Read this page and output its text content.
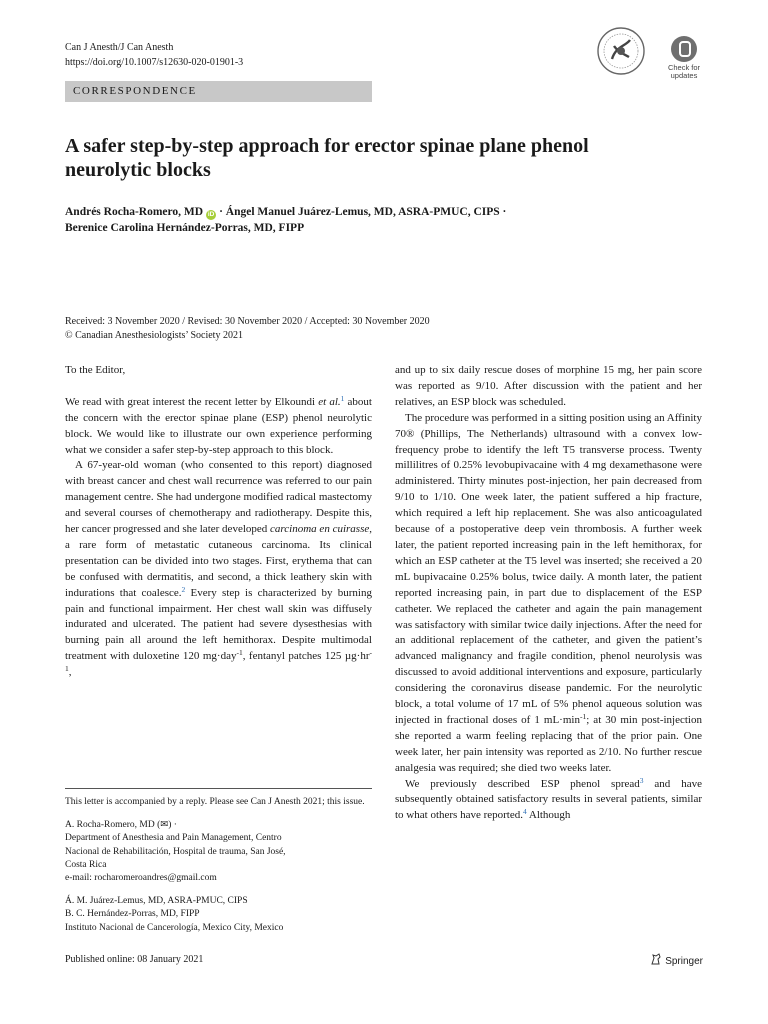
Can J Anesth/J Can Anesth
https://doi.org/10.1007/s12630-020-01901-3	Check for
updates
CORRESPONDENCE
A safer step-by-step approach for erector spinae plane phenol
neurolytic blocks
Andrés Rocha-Romero, MD iD · Ángel Manuel Juárez-Lemus, MD, ASRA-PMUC, CIPS ·
Berenice Carolina Hernández-Porras, MD, FIPP
Received: 3 November 2020 / Revised: 30 November 2020 / Accepted: 30 November 2020
© Canadian Anesthesiologists’ Society 2021

To the Editor,

We read with great interest the recent letter by Elkoundi et al.$^1$ about the concern with the erector spinae plane (ESP) phenol neurolytic block. We would like to illustrate our own experience performing what we consider a safer step-by-step approach to this block.

A 67-year-old woman (who consented to this report) diagnosed with breast cancer and chest wall recurrence was referred to our pain management centre. She had undergone modified radical mastectomy and several courses of chemotherapy and radiotherapy. Despite this, her cancer progressed and she later developed carcinoma en cuirasse, a rare form of metastatic cutaneous carcinoma. Its clinical presentation can be divided into two stages. First, erythema that can be confused with dermatitis, and second, a thick leathery skin with indurations that coalesce.$^2$ Every step is characterized by burning pain and functional impairment. Her chest wall skin was diffusely indurated and ulcerated. The patient had severe dysesthesias with burning pain all around the left hemithorax. Despite multimodal treatment with duloxetine 120 mg·day$^{-1}$, fentanyl patches 125 $\mu g\cdot hr^{-1}$,

This letter is accompanied by a reply. Please see Can J Anesth 2021; this issue.

A. Rocha-Romero, MD (✉) ·

Department of Anesthesia and Pain Management, Centro

Nacional de Rehabilitación, Hospital de trauma, San José,

Costa Rica

e-mail: rocharomeroandres@gmail.com

Á. M. Juárez-Lemus, MD, ASRA-PMUC, CIPS

B. C. Hernández-Porras, MD, FIPP

Instituto Nacional de Cancerología, Mexico City, Mexico

and up to six daily rescue doses of morphine 15 mg, her pain score was reported as 9/10. After discussion with the patient and her relatives, an ESP block was scheduled.

The procedure was performed in a sitting position using an Affinity 70® (Phillips, The Netherlands) ultrasound with a convex low-frequency probe to identify the left T5 transverse process. Twenty millilitres of 0.25% levobupivacaine with 4 mg dexamethasone were administered. Thirty minutes post-injection, her pain decreased from 9/10 to 1/10. One week later, the patient suffered a hip fracture, which required a left hip replacement. She was also anticoagulated because of a postoperative deep vein thrombosis. A further week later, the patient reported increasing pain in the left hemithorax, for which an ESP catheter at the T5 level was inserted; she received a 20 mL bupivacaine 0.25% bolus, twice daily. A month later, the patient reported increasing pain, in part due to displacement of the ESP catheter. We replaced the catheter and again the pain management was satisfactory with similar twice daily injections. After the need for an additional replacement of the catheter, and given the patient’s advanced malignancy and fragile condition, phenol neurolysis was discussed to avoid additional interventions and exposure, particularly considering the coronavirus disease pandemic. For the neurolytic block, a total volume of 17 mL of 5% phenol aqueous solution was injected in fractional doses of 1 $mL\cdot\min^{-1}$; at 30 min post-injection she reported a warm feeling replacing that of the prior pain. One week later, her pain intensity was reported as 2/10. No further rescue analgesia was required; she died two weeks later.

We previously described ESP phenol spread$^3$ and have subsequently obtained satisfactory results in several patients, similar to what others have reported.$^4$ Although

Published online: 08 January 2021	Springer
